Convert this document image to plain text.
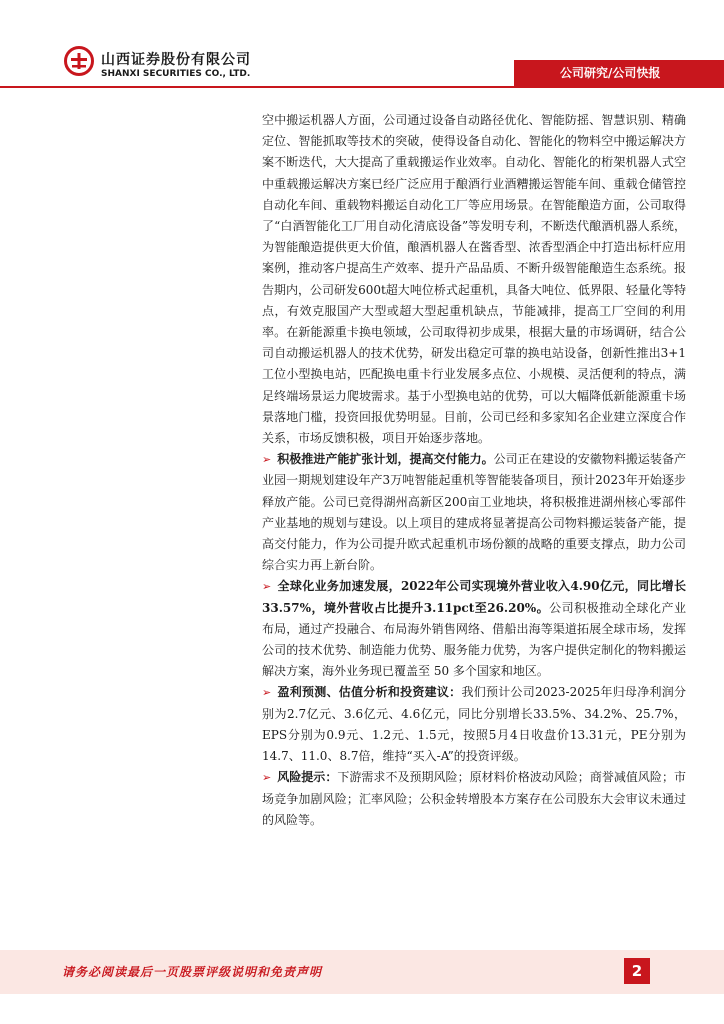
山西证券股份有限公司
SHANXI SECURITIES CO., LTD.	公司研究/公司快报

空中搬运机器人方面，公司通过设备自动路径优化、智能防摇、智慧识别、精确定位、智能抓取等技术的突破，使得设备自动化、智能化的物料空中搬运解决方案不断迭代，大大提高了重载搬运作业效率。自动化、智能化的桁架机器人式空中重载搬运解决方案已经广泛应用于酿酒行业酒糟搬运智能车间、重载仓储管控自动化车间、重载物料搬运自动化工厂等应用场景。在智能酿造方面，公司取得了“白酒智能化工厂用自动化清底设备”等发明专利，不断迭代酿酒机器人系统，为智能酿造提供更大价值，酿酒机器人在酱香型、浓香型酒企中打造出标杆应用案例，推动客户提高生产效率、提升产品品质、不断升级智能酿造生态系统。报告期内，公司研发600t超大吨位桥式起重机，具备大吨位、低界限、轻量化等特点，有效克服国产大型或超大型起重机缺点，节能减排，提高工厂空间的利用率。在新能源重卡换电领域，公司取得初步成果，根据大量的市场调研，结合公司自动搬运机器人的技术优势，研发出稳定可靠的换电站设备，创新性推出3+1工位小型换电站，匹配换电重卡行业发展多点位、小规模、灵活便利的特点，满足终端场景运力爬坡需求。基于小型换电站的优势，可以大幅降低新能源重卡场景落地门槛，投资回报优势明显。目前，公司已经和多家知名企业建立深度合作关系，市场反馈积极，项目开始逐步落地。

➢ 积极推进产能扩张计划，提高交付能力。公司正在建设的安徽物料搬运装备产业园一期规划建设年产3万吨智能起重机等智能装备项目，预计2023年开始逐步释放产能。公司已竞得湖州高新区200亩工业地块，将积极推进湖州核心零部件产业基地的规划与建设。以上项目的建成将显著提高公司物料搬运装备产能，提高交付能力，作为公司提升欧式起重机市场份额的战略的重要支撑点，助力公司综合实力再上新台阶。

➢ 全球化业务加速发展，2022年公司实现境外营业收入4.90亿元，同比增长33.57%，境外营收占比提升3.11pct至26.20%。公司积极推动全球化产业布局，通过产投融合、布局海外销售网络、借船出海等渠道拓展全球市场，发挥公司的技术优势、制造能力优势、服务能力优势，为客户提供定制化的物料搬运解决方案，海外业务现已覆盖至 50 多个国家和地区。

➢ 盈利预测、估值分析和投资建议：我们预计公司2023-2025年归母净利润分别为2.7亿元、3.6亿元、4.6亿元，同比分别增长33.5%、34.2%、25.7%，EPS分别为0.9元、1.2元、1.5元，按照5月4日收盘价13.31元，PE分别为14.7、11.0、8.7倍，维持“买入-A”的投资评级。

➢ 风险提示：下游需求不及预期风险；原材料价格波动风险；商誉减值风险；市场竞争加剧风险；汇率风险；公积金转增股本方案存在公司股东大会审议未通过的风险等。

请务必阅读最后一页股票评级说明和免责声明	2
